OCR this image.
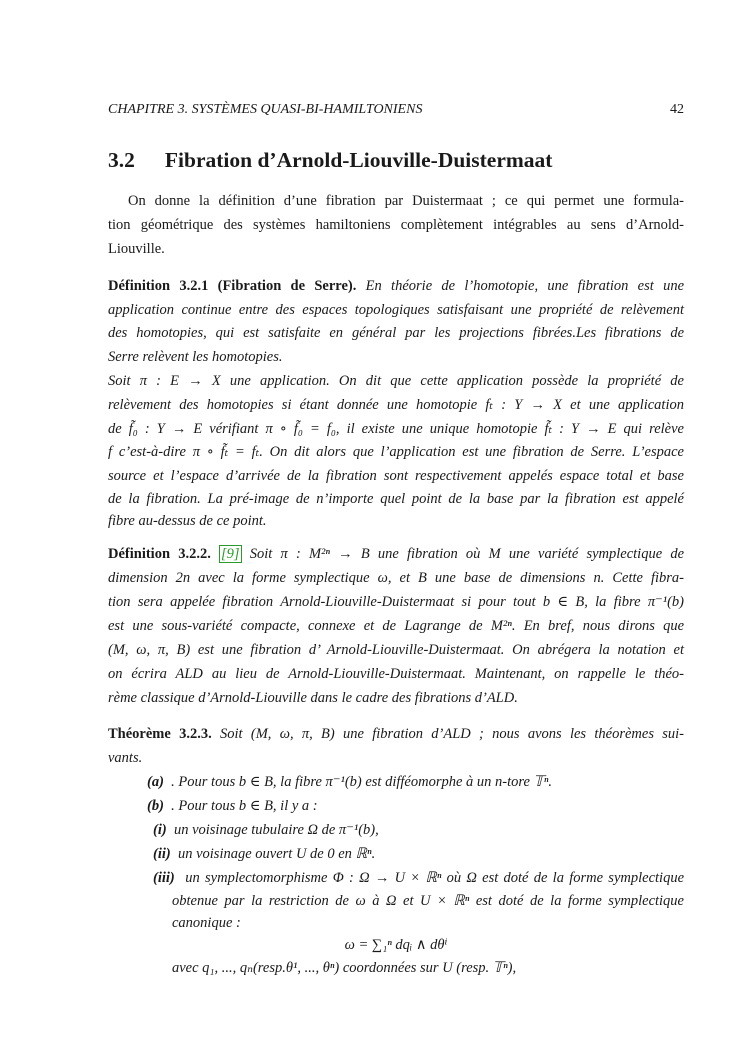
CHAPITRE 3. SYSTÈMES QUASI-BI-HAMILTONIENS	42
3.2 Fibration d’Arnold-Liouville-Duistermaat
On donne la définition d’une fibration par Duistermaat ; ce qui permet une formula-
tion géométrique des systèmes hamiltoniens complètement intégrables au sens d’Arnold-
Liouville.
Définition 3.2.1 (Fibration de Serre). En théorie de l’homotopie, une fibration est une
application continue entre des espaces topologiques satisfaisant une propriété de relèvement
des homotopies, qui est satisfaite en général par les projections fibrées.Les fibrations de
Serre relèvent les homotopies.
Soit π : E → X une application. On dit que cette application possède la propriété de
relèvement des homotopies si étant donnée une homotopie fₜ : Y → X et une application
de f̃₀ : Y → E vérifiant π ∘ f̃₀ = f₀, il existe une unique homotopie f̃ₜ : Y → E qui relève
f c’est-à-dire π ∘ f̃ₜ = fₜ. On dit alors que l’application est une fibration de Serre. L’espace
source et l’espace d’arrivée de la fibration sont respectivement appelés espace total et base
de la fibration. La pré-image de n’importe quel point de la base par la fibration est appelé
fibre au-dessus de ce point.
Définition 3.2.2. [9] Soit π : M²ⁿ → B une fibration où M une variété symplectique de
dimension 2n avec la forme symplectique ω, et B une base de dimensions n. Cette fibra-
tion sera appelée fibration Arnold-Liouville-Duistermaat si pour tout b ∈ B, la fibre π⁻¹(b)
est une sous-variété compacte, connexe et de Lagrange de M²ⁿ. En bref, nous dirons que
(M, ω, π, B) est une fibration d’ Arnold-Liouville-Duistermaat. On abrégera la notation et
on écrira ALD au lieu de Arnold-Liouville-Duistermaat. Maintenant, on rappelle le théo-
rème classique d’Arnold-Liouville dans le cadre des fibrations d’ALD.
Théorème 3.2.3. Soit (M, ω, π, B) une fibration d’ALD ; nous avons les théorèmes sui-
vants.
(a) . Pour tous b ∈ B, la fibre π⁻¹(b) est difféomorphe à un n-tore 𝕋ⁿ.
(b) . Pour tous b ∈ B, il y a :
(i) un voisinage tubulaire Ω de π⁻¹(b),
(ii) un voisinage ouvert U de 0 en ℝⁿ.
(iii) un symplectomorphisme Φ : Ω → U × ℝⁿ où Ω est doté de la forme symplectique
obtenue par la restriction de ω à Ω et U × ℝⁿ est doté de la forme symplectique
canonique :
ω = ∑₁ⁿ dqᵢ ∧ dθⁱ
avec q₁, ..., qₙ(resp.θ¹, ..., θⁿ) coordonnées sur U (resp. 𝕋ⁿ),
